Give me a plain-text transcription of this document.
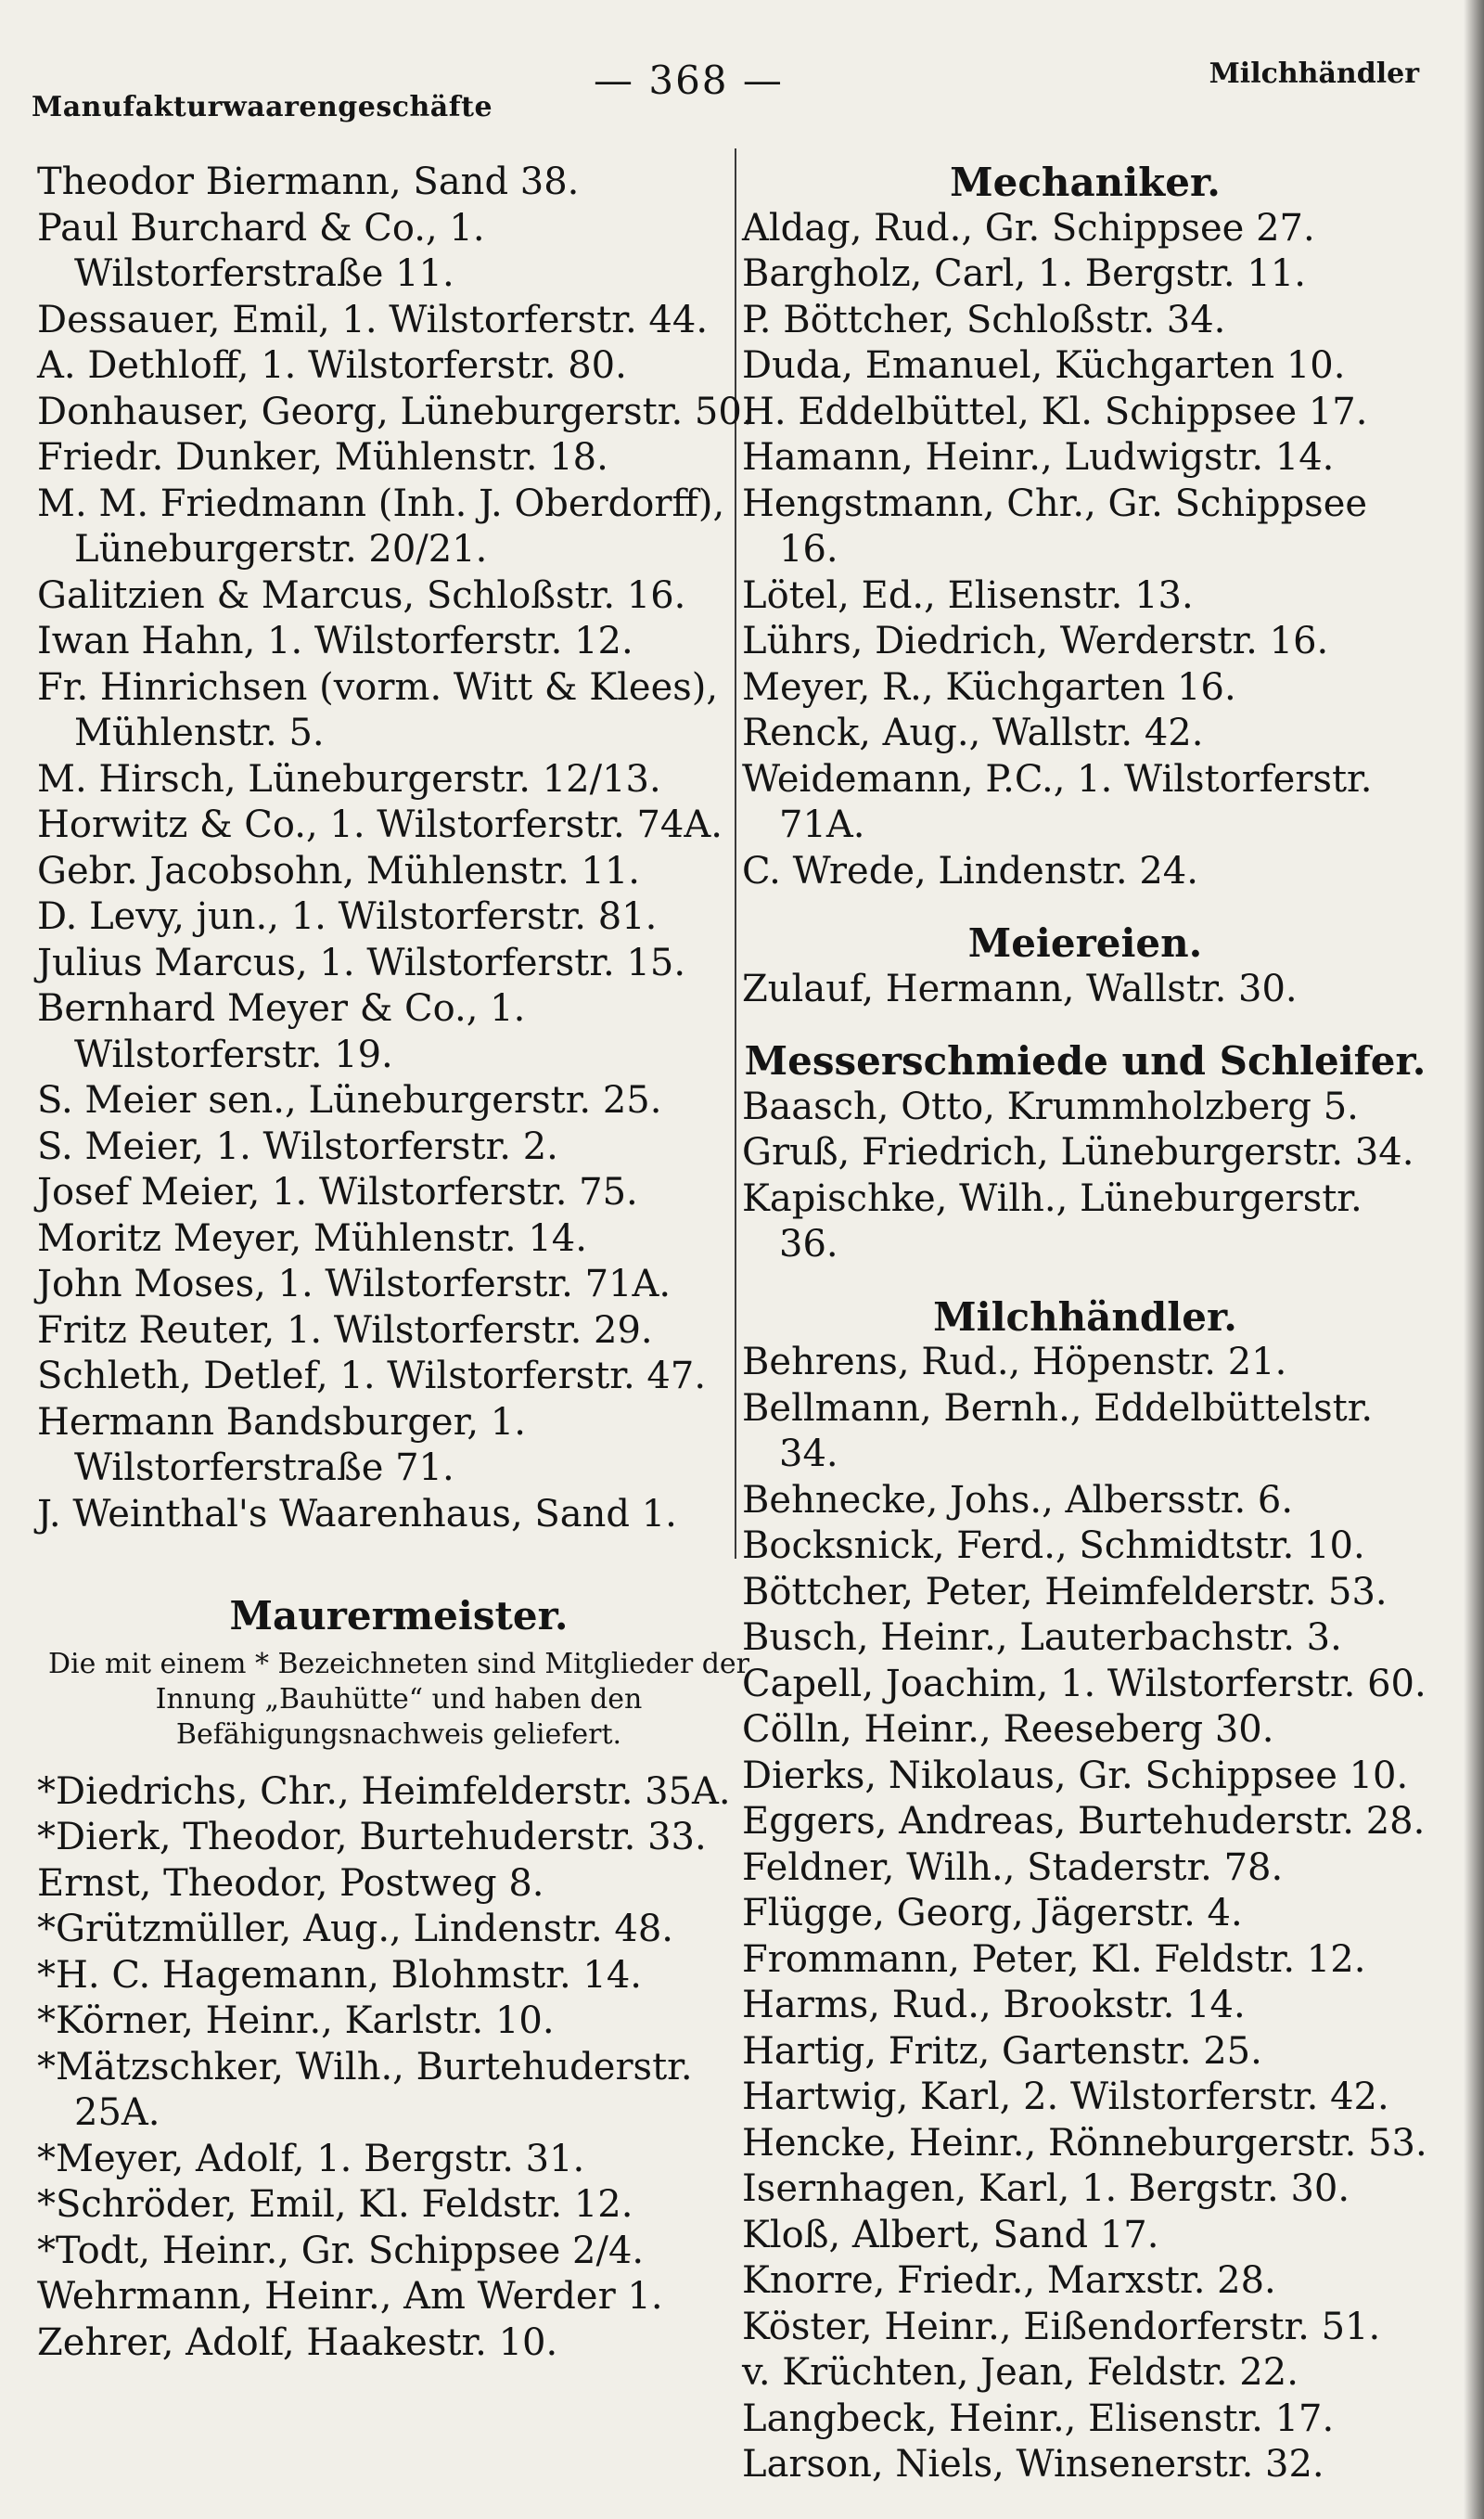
Manufakturwaarengeschäfte
— 368 —	Milchhändler

Theodor Biermann, Sand 38.

Paul Burchard & Co., 1. Wilstorferstraße 11.

Dessauer, Emil, 1. Wilstorferstr. 44.

A. Dethloff, 1. Wilstorferstr. 80.

Donhauser, Georg, Lüneburgerstr. 50.

Friedr. Dunker, Mühlenstr. 18.

M. M. Friedmann (Inh. J. Oberdorff), Lüneburgerstr. 20/21.

Galitzien & Marcus, Schloßstr. 16.

Iwan Hahn, 1. Wilstorferstr. 12.

Fr. Hinrichsen (vorm. Witt & Klees), Mühlenstr. 5.

M. Hirsch, Lüneburgerstr. 12/13.

Horwitz & Co., 1. Wilstorferstr. 74A.

Gebr. Jacobsohn, Mühlenstr. 11.

D. Levy, jun., 1. Wilstorferstr. 81.

Julius Marcus, 1. Wilstorferstr. 15.

Bernhard Meyer & Co., 1. Wilstorferstr. 19.

S. Meier sen., Lüneburgerstr. 25.

S. Meier, 1. Wilstorferstr. 2.

Josef Meier, 1. Wilstorferstr. 75.

Moritz Meyer, Mühlenstr. 14.

John Moses, 1. Wilstorferstr. 71A.

Fritz Reuter, 1. Wilstorferstr. 29.

Schleth, Detlef, 1. Wilstorferstr. 47.

Hermann Bandsburger, 1. Wilstorferstraße 71.

J. Weinthal's Waarenhaus, Sand 1.

Maurermeister.

Die mit einem * Bezeichneten sind Mitglieder der Innung „Bauhütte“ und haben den Befähigungsnachweis geliefert.

*Diedrichs, Chr., Heimfelderstr. 35A.

*Dierk, Theodor, Burtehuderstr. 33.

Ernst, Theodor, Postweg 8.

*Grützmüller, Aug., Lindenstr. 48.

*H. C. Hagemann, Blohmstr. 14.

*Körner, Heinr., Karlstr. 10.

*Mätzschker, Wilh., Burtehuderstr. 25A.

*Meyer, Adolf, 1. Bergstr. 31.

*Schröder, Emil, Kl. Feldstr. 12.

*Todt, Heinr., Gr. Schippsee 2/4.

Wehrmann, Heinr., Am Werder 1.

Zehrer, Adolf, Haakestr. 10.

Mechaniker.

Aldag, Rud., Gr. Schippsee 27.

Bargholz, Carl, 1. Bergstr. 11.

P. Böttcher, Schloßstr. 34.

Duda, Emanuel, Küchgarten 10.

H. Eddelbüttel, Kl. Schippsee 17.

Hamann, Heinr., Ludwigstr. 14.

Hengstmann, Chr., Gr. Schippsee 16.

Lötel, Ed., Elisenstr. 13.

Lührs, Diedrich, Werderstr. 16.

Meyer, R., Küchgarten 16.

Renck, Aug., Wallstr. 42.

Weidemann, P.C., 1. Wilstorferstr. 71A.

C. Wrede, Lindenstr. 24.

Meiereien.

Zulauf, Hermann, Wallstr. 30.

Messerschmiede und Schleifer.

Baasch, Otto, Krummholzberg 5.

Gruß, Friedrich, Lüneburgerstr. 34.

Kapischke, Wilh., Lüneburgerstr. 36.

Milchhändler.

Behrens, Rud., Höpenstr. 21.

Bellmann, Bernh., Eddelbüttelstr. 34.

Behnecke, Johs., Albersstr. 6.

Bocksnick, Ferd., Schmidtstr. 10.

Böttcher, Peter, Heimfelderstr. 53.

Busch, Heinr., Lauterbachstr. 3.

Capell, Joachim, 1. Wilstorferstr. 60.

Cölln, Heinr., Reeseberg 30.

Dierks, Nikolaus, Gr. Schippsee 10.

Eggers, Andreas, Burtehuderstr. 28.

Feldner, Wilh., Staderstr. 78.

Flügge, Georg, Jägerstr. 4.

Frommann, Peter, Kl. Feldstr. 12.

Harms, Rud., Brookstr. 14.

Hartig, Fritz, Gartenstr. 25.

Hartwig, Karl, 2. Wilstorferstr. 42.

Hencke, Heinr., Rönneburgerstr. 53.

Isernhagen, Karl, 1. Bergstr. 30.

Kloß, Albert, Sand 17.

Knorre, Friedr., Marxstr. 28.

Köster, Heinr., Eißendorferstr. 51.

v. Krüchten, Jean, Feldstr. 22.

Langbeck, Heinr., Elisenstr. 17.

Larson, Niels, Winsenerstr. 32.
